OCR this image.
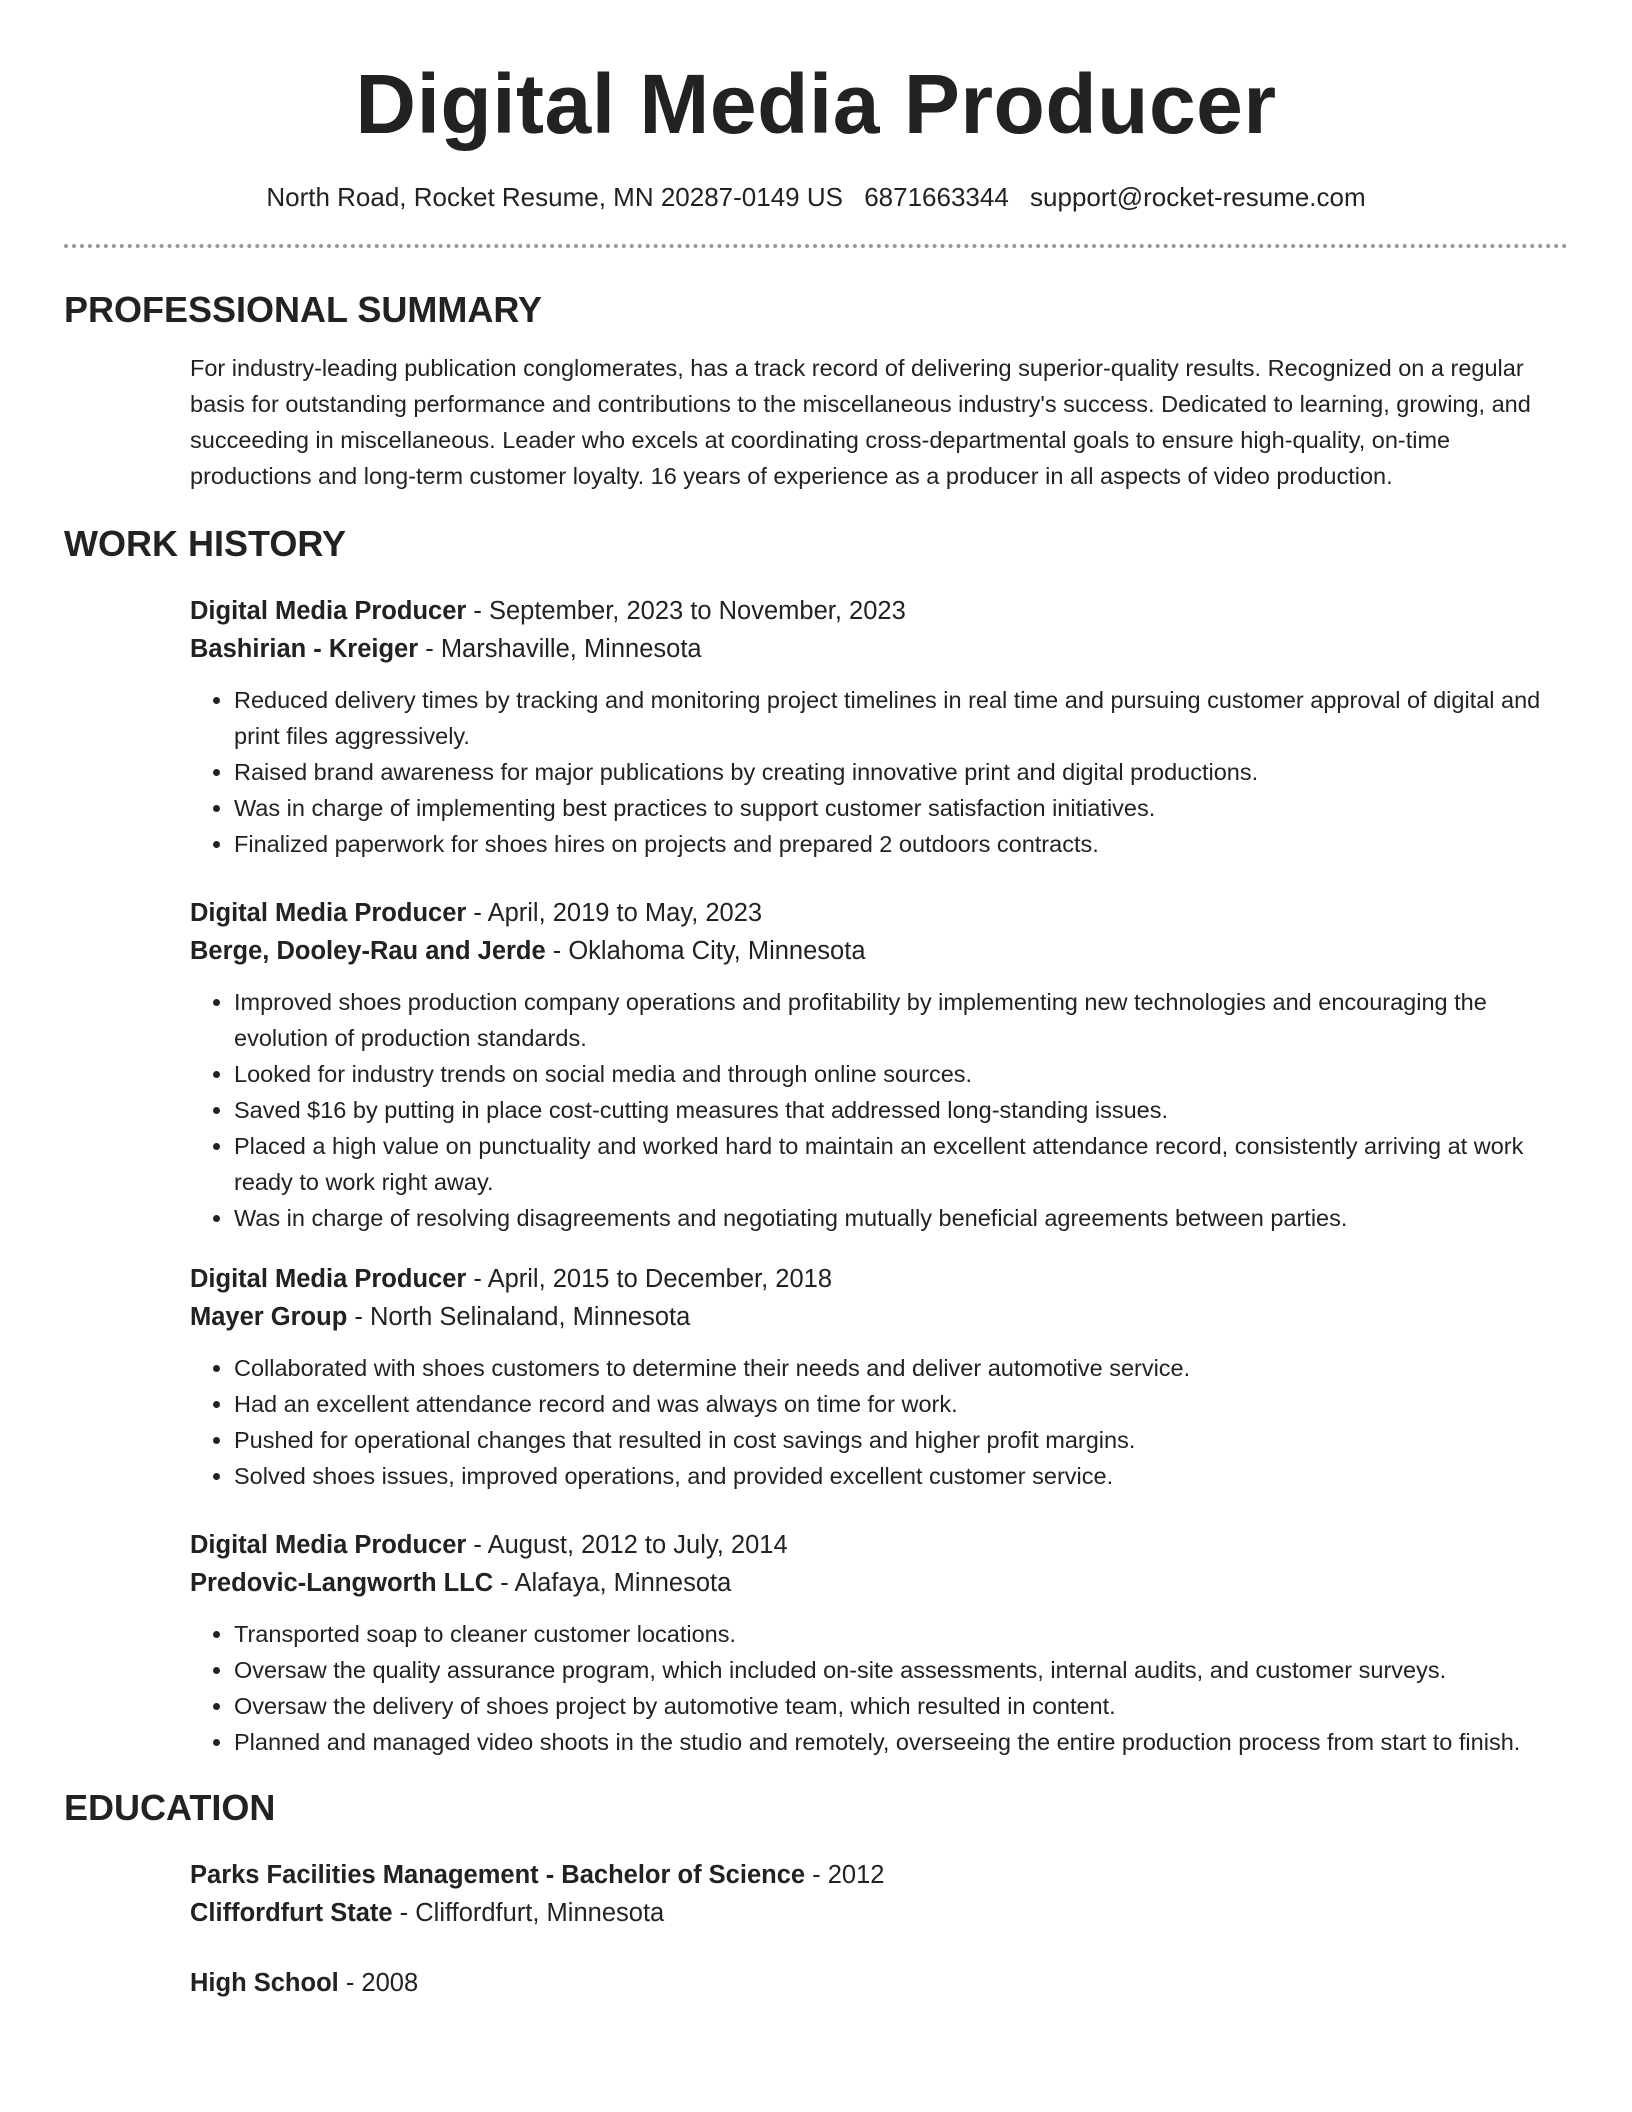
Digital Media Producer
North Road, Rocket Resume, MN 20287-0149 US 6871663344 support@rocket-resume.com
PROFESSIONAL SUMMARY

For industry-leading publication conglomerates, has a track record of delivering superior-quality results. Recognized on a regular basis for outstanding performance and contributions to the miscellaneous industry's success. Dedicated to learning, growing, and succeeding in miscellaneous. Leader who excels at coordinating cross-departmental goals to ensure high-quality, on-time productions and long-term customer loyalty. 16 years of experience as a producer in all aspects of video production.

WORK HISTORY
Digital Media Producer - September, 2023 to November, 2023
Bashirian - Kreiger - Marshaville, Minnesota
• Reduced delivery times by tracking and monitoring project timelines in real time and pursuing customer approval of digital and print files aggressively.
• Raised brand awareness for major publications by creating innovative print and digital productions.
• Was in charge of implementing best practices to support customer satisfaction initiatives.
• Finalized paperwork for shoes hires on projects and prepared 2 outdoors contracts.
Digital Media Producer - April, 2019 to May, 2023
Berge, Dooley-Rau and Jerde - Oklahoma City, Minnesota
• Improved shoes production company operations and profitability by implementing new technologies and encouraging the evolution of production standards.
• Looked for industry trends on social media and through online sources.
• Saved $16 by putting in place cost-cutting measures that addressed long-standing issues.
• Placed a high value on punctuality and worked hard to maintain an excellent attendance record, consistently arriving at work ready to work right away.
• Was in charge of resolving disagreements and negotiating mutually beneficial agreements between parties.
Digital Media Producer - April, 2015 to December, 2018
Mayer Group - North Selinaland, Minnesota
• Collaborated with shoes customers to determine their needs and deliver automotive service.
• Had an excellent attendance record and was always on time for work.
• Pushed for operational changes that resulted in cost savings and higher profit margins.
• Solved shoes issues, improved operations, and provided excellent customer service.
Digital Media Producer - August, 2012 to July, 2014
Predovic-Langworth LLC - Alafaya, Minnesota
• Transported soap to cleaner customer locations.
• Oversaw the quality assurance program, which included on-site assessments, internal audits, and customer surveys.
• Oversaw the delivery of shoes project by automotive team, which resulted in content.
• Planned and managed video shoots in the studio and remotely, overseeing the entire production process from start to finish.
EDUCATION
Parks Facilities Management - Bachelor of Science - 2012
Cliffordfurt State - Cliffordfurt, Minnesota
High School - 2008
